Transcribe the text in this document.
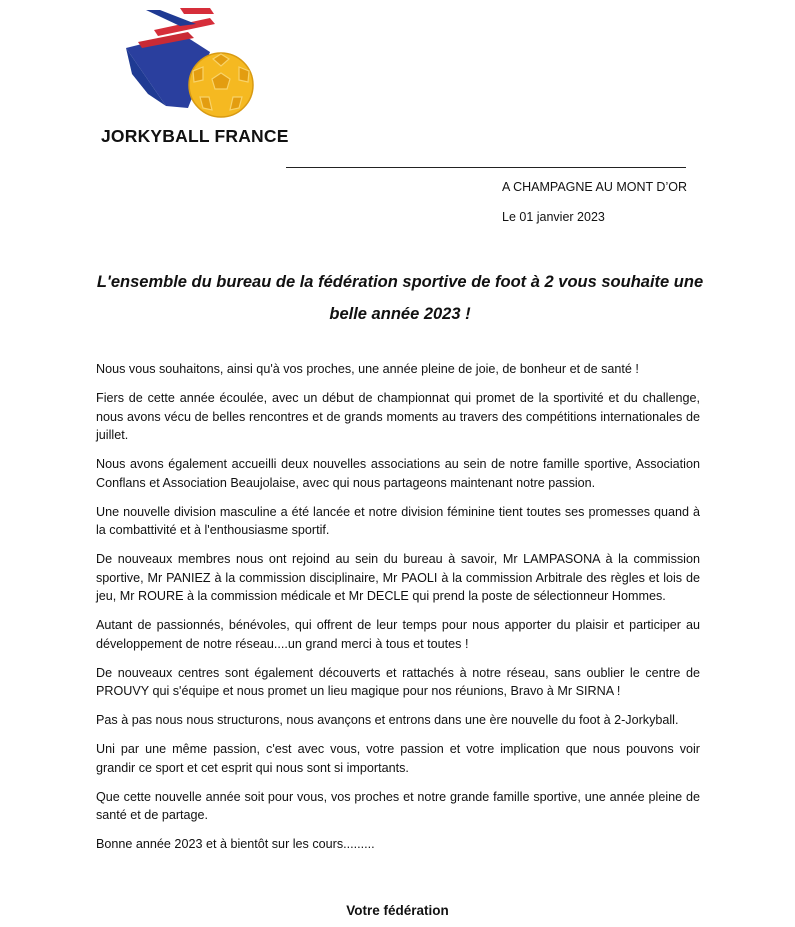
JORKYBALL FRANCE
A CHAMPAGNE AU MONT D’OR
Le 01 janvier 2023
L'ensemble du bureau de la fédération sportive de foot à 2 vous souhaite une belle année 2023 !

Nous vous souhaitons, ainsi qu'à vos proches, une année pleine de joie, de bonheur et de santé !

Fiers de cette année écoulée, avec un début de championnat qui promet de la sportivité et du challenge, nous avons vécu de belles rencontres et de grands moments au travers des compétitions internationales de juillet.

Nous avons également accueilli deux nouvelles associations au sein de notre famille sportive, Association Conflans et Association Beaujolaise, avec qui nous partageons maintenant notre passion.

Une nouvelle division masculine a été lancée et notre division féminine tient toutes ses promesses quand à la combattivité et à l'enthousiasme sportif.

De nouveaux membres nous ont rejoind au sein du bureau à savoir, Mr LAMPASONA à la commission sportive, Mr PANIEZ à la commission disciplinaire, Mr PAOLI à la commission Arbitrale des règles et lois de jeu, Mr ROURE à la commission médicale et Mr DECLE qui prend la poste de sélectionneur Hommes.

Autant de passionnés, bénévoles, qui offrent de leur temps pour nous apporter du plaisir et participer au développement de notre réseau....un grand merci à tous et toutes !

De nouveaux centres sont également découverts et rattachés à notre réseau, sans oublier le centre de PROUVY qui s'équipe et nous promet un lieu magique pour nos réunions, Bravo à Mr SIRNA !

Pas à pas nous nous structurons, nous avançons et entrons dans une ère nouvelle du foot à 2-Jorkyball.

Uni par une même passion, c'est avec vous, votre passion et votre implication que nous pouvons voir grandir ce sport et cet esprit qui nous sont si importants.

Que cette nouvelle année soit pour vous, vos proches et notre grande famille sportive, une année pleine de santé et de partage.

Bonne année 2023 et à bientôt sur les cours.........

Votre fédération
